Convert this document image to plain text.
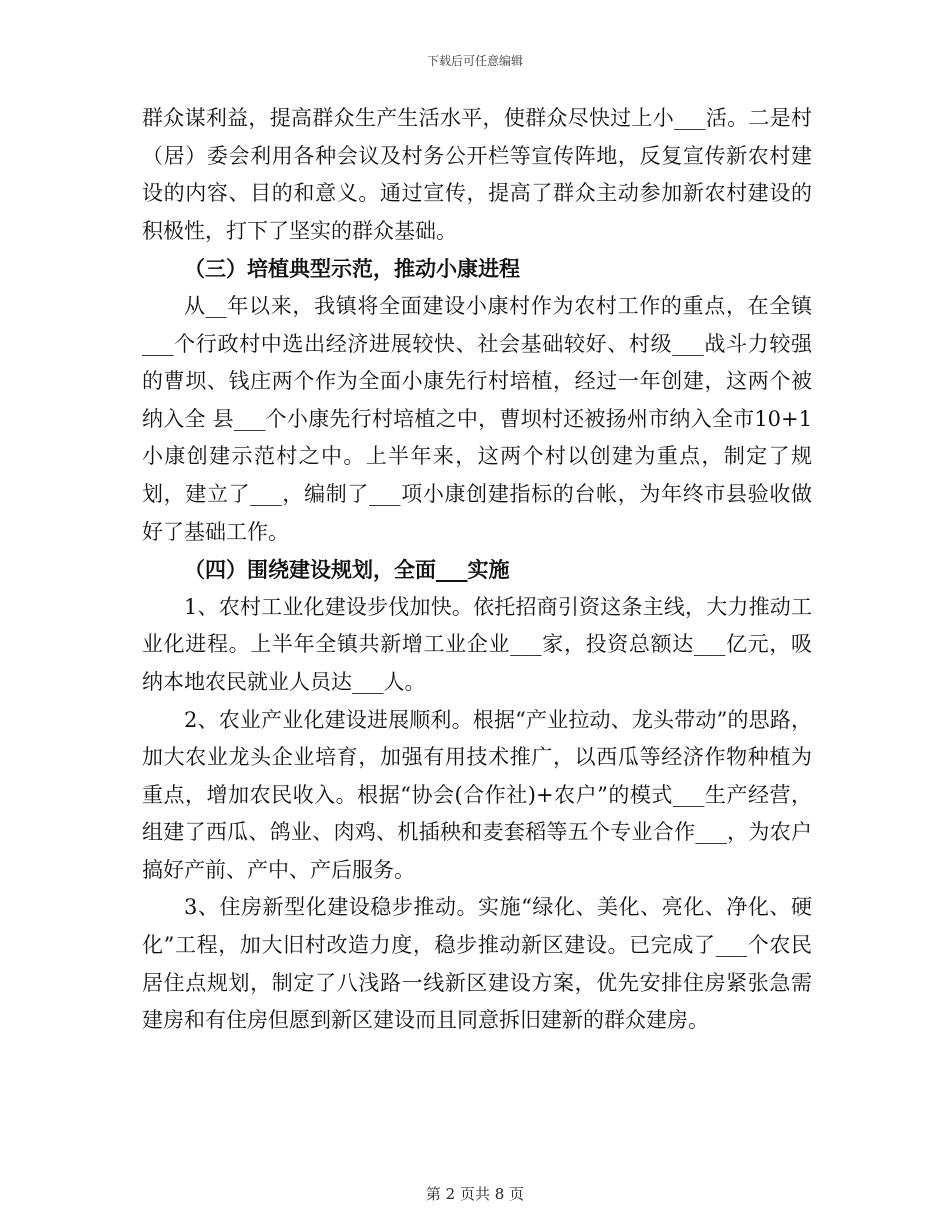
下载后可任意编辑

群众谋利益，提高群众生产生活水平，使群众尽快过上小___活。二是村（居）委会利用各种会议及村务公开栏等宣传阵地，反复宣传新农村建设的内容、目的和意义。通过宣传，提高了群众主动参加新农村建设的积极性，打下了坚实的群众基础。

（三）培植典型示范，推动小康进程

从__年以来，我镇将全面建设小康村作为农村工作的重点，在全镇___个行政村中选出经济进展较快、社会基础较好、村级___战斗力较强的曹坝、钱庄两个作为全面小康先行村培植，经过一年创建，这两个被纳入全 县___个小康先行村培植之中，曹坝村还被扬州市纳入全市10+1小康创建示范村之中。上半年来，这两个村以创建为重点，制定了规划，建立了___，编制了___项小康创建指标的台帐，为年终市县验收做好了基础工作。

（四）围绕建设规划，全面___实施

1、农村工业化建设步伐加快。依托招商引资这条主线，大力推动工业化进程。上半年全镇共新增工业企业___家，投资总额达___亿元，吸纳本地农民就业人员达___人。

2、农业产业化建设进展顺利。根据“产业拉动、龙头带动”的思路，加大农业龙头企业培育，加强有用技术推广，以西瓜等经济作物种植为重点，增加农民收入。根据“协会(合作社)+农户”的模式___生产经营，组建了西瓜、鸽业、肉鸡、机插秧和麦套稻等五个专业合作___，为农户搞好产前、产中、产后服务。

3、住房新型化建设稳步推动。实施“绿化、美化、亮化、净化、硬化”工程，加大旧村改造力度，稳步推动新区建设。已完成了___个农民居住点规划，制定了八浅路一线新区建设方案，优先安排住房紧张急需建房和有住房但愿到新区建设而且同意拆旧建新的群众建房。

第 2 页共 8 页
